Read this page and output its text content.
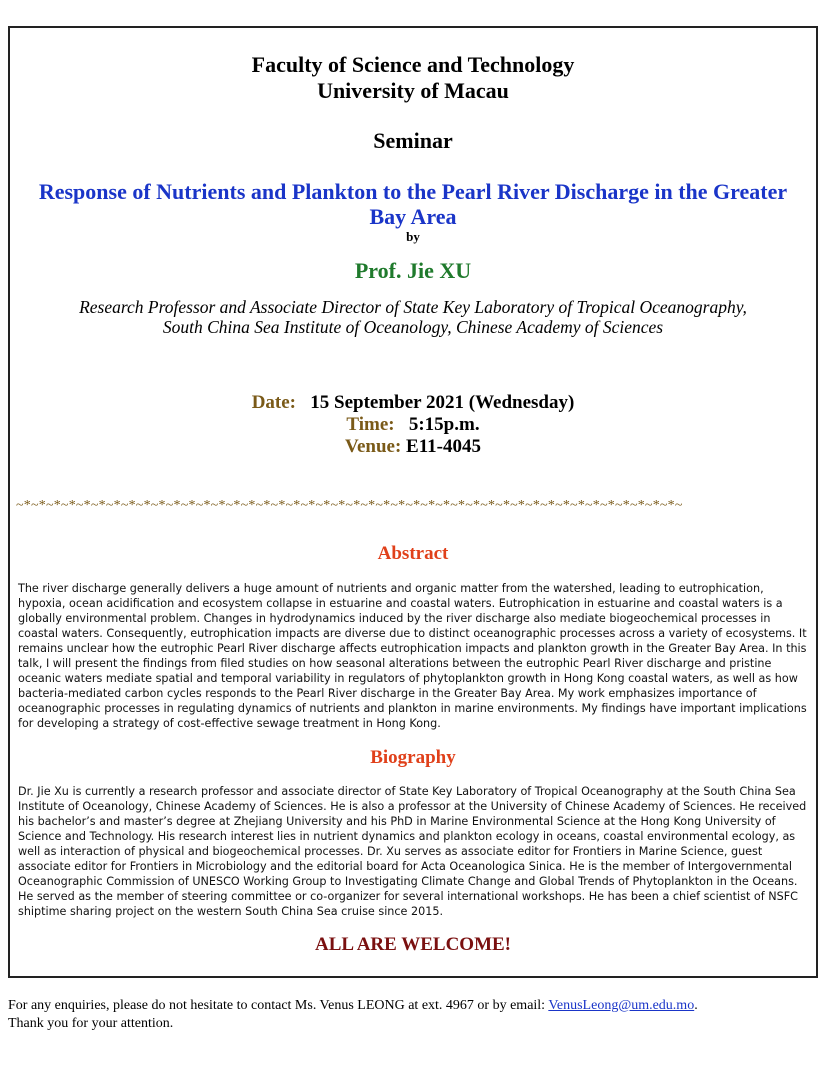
Faculty of Science and Technology
University of Macau
Seminar
Response of Nutrients and Plankton to the Pearl River Discharge in the Greater Bay Area
by
Prof. Jie XU
Research Professor and Associate Director of State Key Laboratory of Tropical Oceanography,
South China Sea Institute of Oceanology, Chinese Academy of Sciences
Date: 15 September 2021 (Wednesday)
Time: 5:15p.m.
Venue: E11-4045
~*~*~*~*~*~*~*~*~*~*~*~*~*~*~*~*~*~*~*~*~*~*~*~*~*~*~*~*~*~*~*~*~*~*~*~*~*~*~*~*~*~*~*~*~
Abstract
The river discharge generally delivers a huge amount of nutrients and organic matter from the watershed, leading to eutrophication, hypoxia, ocean acidification and ecosystem collapse in estuarine and coastal waters. Eutrophication in estuarine and coastal waters is a globally environmental problem. Changes in hydrodynamics induced by the river discharge also mediate biogeochemical processes in coastal waters. Consequently, eutrophication impacts are diverse due to distinct oceanographic processes across a variety of ecosystems. It remains unclear how the eutrophic Pearl River discharge affects eutrophication impacts and plankton growth in the Greater Bay Area. In this talk, I will present the findings from filed studies on how seasonal alterations between the eutrophic Pearl River discharge and pristine oceanic waters mediate spatial and temporal variability in regulators of phytoplankton growth in Hong Kong coastal waters, as well as how bacteria-mediated carbon cycles responds to the Pearl River discharge in the Greater Bay Area. My work emphasizes importance of oceanographic processes in regulating dynamics of nutrients and plankton in marine environments. My findings have important implications for developing a strategy of cost-effective sewage treatment in Hong Kong.
Biography
Dr. Jie Xu is currently a research professor and associate director of State Key Laboratory of Tropical Oceanography at the South China Sea Institute of Oceanology, Chinese Academy of Sciences. He is also a professor at the University of Chinese Academy of Sciences. He received his bachelor’s and master’s degree at Zhejiang University and his PhD in Marine Environmental Science at the Hong Kong University of Science and Technology. His research interest lies in nutrient dynamics and plankton ecology in oceans, coastal environmental ecology, as well as interaction of physical and biogeochemical processes. Dr. Xu serves as associate editor for Frontiers in Marine Science, guest associate editor for Frontiers in Microbiology and the editorial board for Acta Oceanologica Sinica. He is the member of Intergovernmental Oceanographic Commission of UNESCO Working Group to Investigating Climate Change and Global Trends of Phytoplankton in the Oceans. He served as the member of steering committee or co-organizer for several international workshops. He has been a chief scientist of NSFC shiptime sharing project on the western South China Sea cruise since 2015.
ALL ARE WELCOME!
For any enquiries, please do not hesitate to contact Ms. Venus LEONG at ext. 4967 or by email: VenusLeong@um.edu.mo.
Thank you for your attention.
